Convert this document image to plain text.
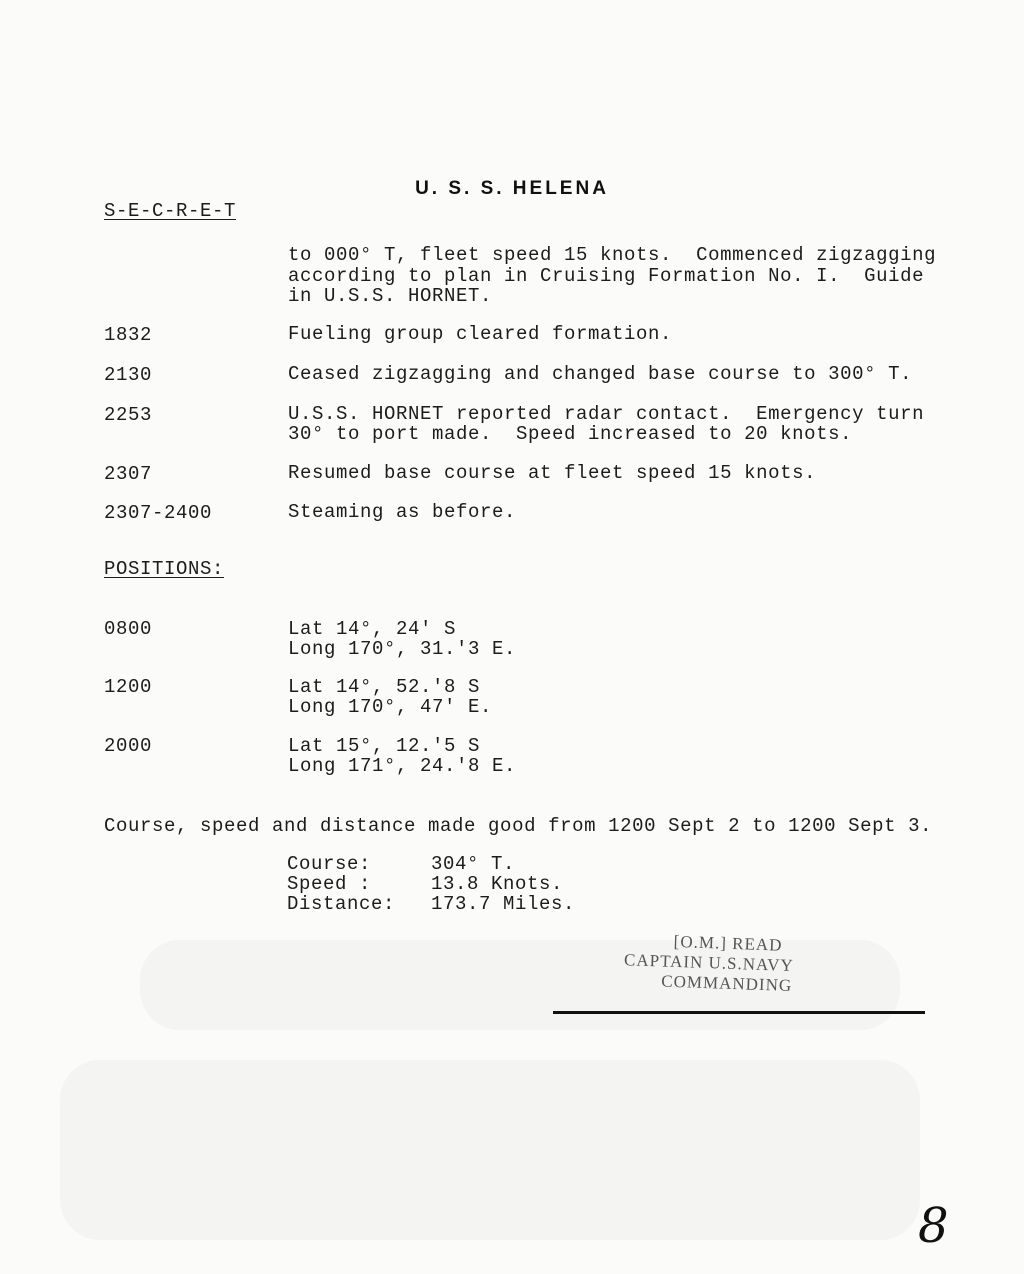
U. S. S. HELENA
S-E-C-R-E-T
to 000° T, fleet speed 15 knots.  Commenced zigzagging
according to plan in Cruising Formation No. I.  Guide
in U.S.S. HORNET.
1832	Fueling group cleared formation.
2130	Ceased zigzagging and changed base course to 300° T.
2253	U.S.S. HORNET reported radar contact.  Emergency turn
30° to port made.  Speed increased to 20 knots.
2307	Resumed base course at fleet speed 15 knots.
2307-2400	Steaming as before.
POSITIONS:
0800	Lat 14°, 24' S
Long 170°, 31.'3 E.
1200	Lat 14°, 52.'8 S
Long 170°, 47' E.
2000	Lat 15°, 12.'5 S
Long 171°, 24.'8 E.
Course, speed and distance made good from 1200 Sept 2 to 1200 Sept 3.
Course:	304° T.
Speed :	13.8 Knots.
Distance: 173.7 Miles.
[O.M.] READ
CAPTAIN U.S.NAVY
COMMANDING
8
